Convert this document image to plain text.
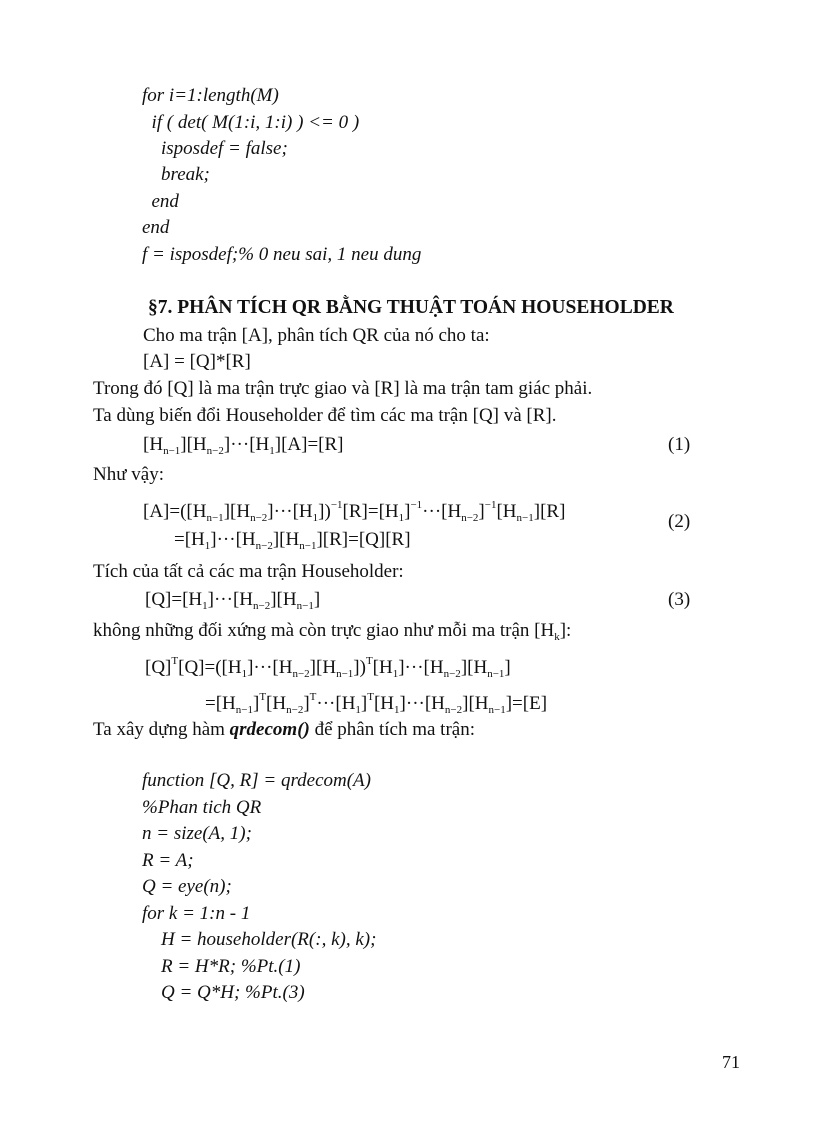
for i=1:length(M)
if ( det( M(1:i, 1:i) ) <= 0 )
isposdef = false;
break;
end
end
f = isposdef;% 0 neu sai, 1 neu dung
§7. PHÂN TÍCH QR BẰNG THUẬT TOÁN HOUSEHOLDER
Cho ma trận [A], phân tích QR của nó cho ta:
[A] = [Q]*[R]
Trong đó [Q] là ma trận trực giao và [R] là ma trận tam giác phải.
Ta dùng biến đổi Householder để tìm các ma trận [Q] và [R].
$[H_{n-1}][H_{n-2}]\cdot\cdot\cdot[H_1][A]=[R]$	(1)
Như vậy:
$[A]=([H_{n-1}][H_{n-2}]\cdot\cdot\cdot[H_1])^{-1}[R]=[H_1]^{-1}\cdot\cdot\cdot[H_{n-2}]^{-1}[H_{n-1}][R]$
$=[H_1]\cdot\cdot\cdot[H_{n-2}][H_{n-1}][R]=[Q][R]$
(2)
Tích của tất cả các ma trận Householder:
$[Q]=[H_1]\cdot\cdot\cdot[H_{n-2}][H_{n-1}]$	(3)
không những đối xứng mà còn trực giao như mỗi ma trận $[H_k]$:
$[Q]^T[Q]=([H_1]\cdot\cdot\cdot[H_{n-2}][H_{n-1}])^T[H_1]\cdot\cdot\cdot[H_{n-2}][H_{n-1}]$
$=[H_{n-1}]^T[H_{n-2}]^T\cdot\cdot\cdot[H_1]^T[H_1]\cdot\cdot\cdot[H_{n-2}][H_{n-1}]=[E]$
Ta xây dựng hàm qrdecom() để phân tích ma trận:
function [Q, R] = qrdecom(A)
%Phan tich QR
n = size(A, 1);
R = A;
Q = eye(n);
for k = 1:n - 1
H = householder(R(:, k), k);
R = H*R; %Pt.(1)
Q = Q*H; %Pt.(3)
71
